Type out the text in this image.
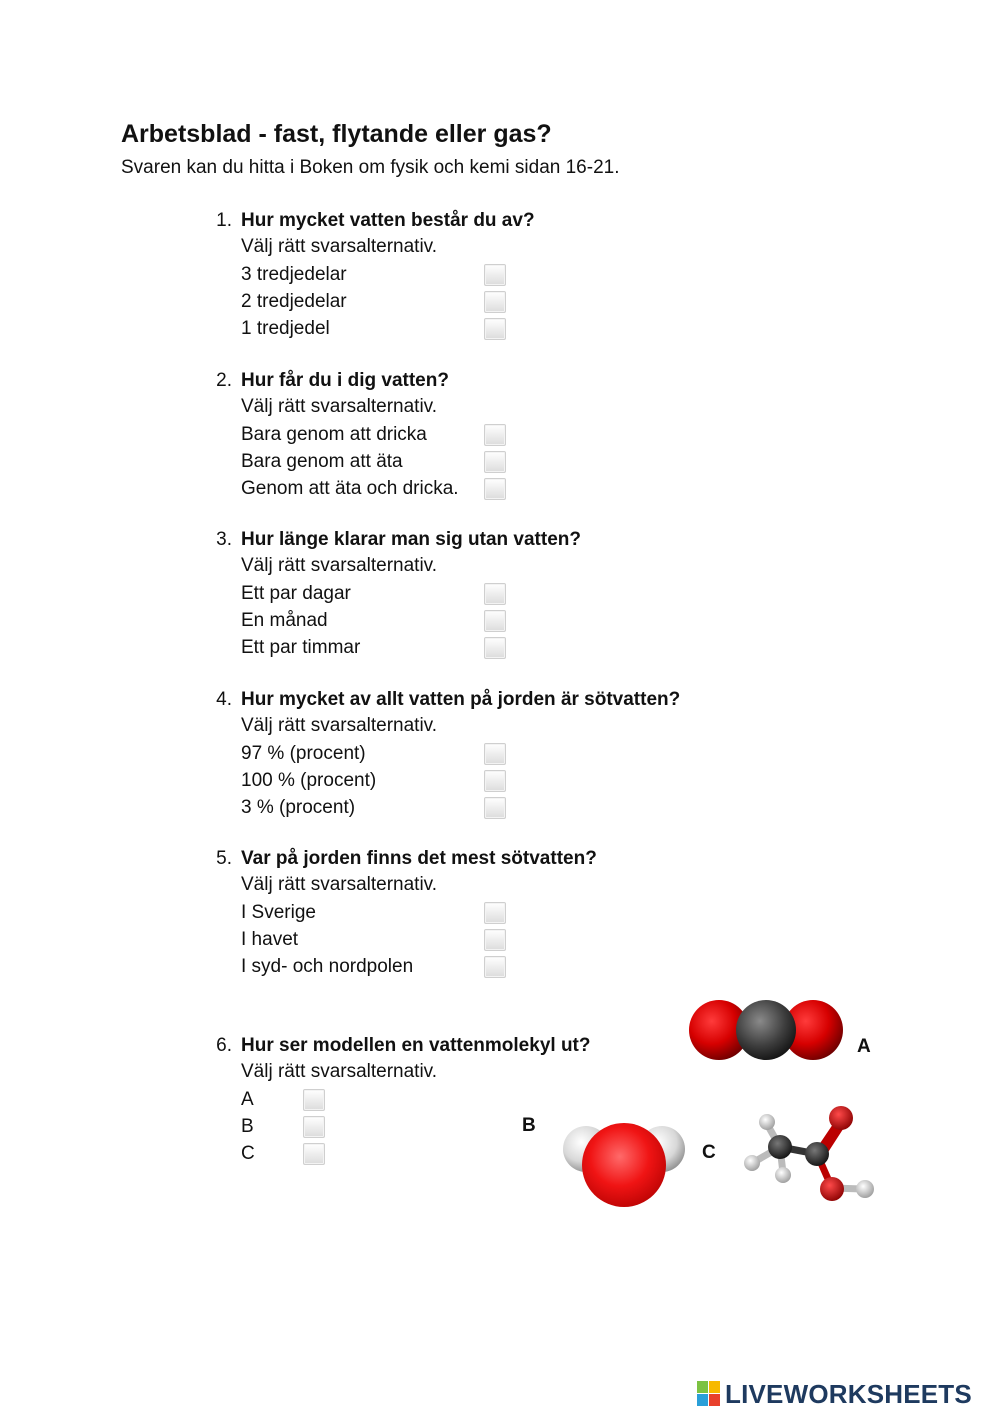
Arbetsblad - fast, flytande eller gas?
Svaren kan du hitta i Boken om fysik och kemi sidan 16-21.
1. Hur mycket vatten består du av?
Välj rätt svarsalternativ.
3 tredjedelar
2 tredjedelar
1 tredjedel
2. Hur får du i dig vatten?
Välj rätt svarsalternativ.
Bara genom att dricka
Bara genom att äta
Genom att äta och dricka.
3. Hur länge klarar man sig utan vatten?
Välj rätt svarsalternativ.
Ett par dagar
En månad
Ett par timmar
4. Hur mycket av allt vatten på jorden är sötvatten?
Välj rätt svarsalternativ.
97 % (procent)
100 % (procent)
3 % (procent)
5. Var på jorden finns det mest sötvatten?
Välj rätt svarsalternativ.
I Sverige
I havet
I syd- och nordpolen
6. Hur ser modellen en vattenmolekyl ut?
Välj rätt svarsalternativ.
A
B
C
A
B
C
LIVEWORKSHEETS
